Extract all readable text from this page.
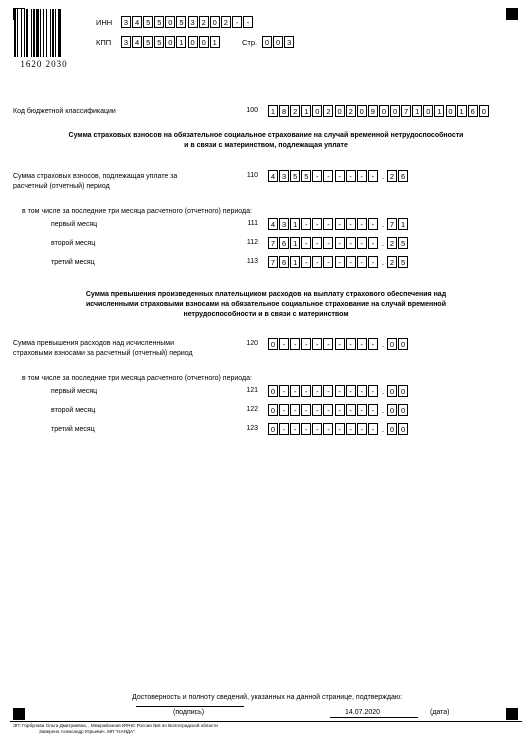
1620 2030
ИНН	3 4 5 5 0 5 3 2 0 2	-	-
КПП	3 4 5 5 0 1 0 0 1	Стр.	0 0 3
Код бюджетной классификации	100	1 8 2 1 0 2 0 2 0 9 0 0 7 1 0 1 0 1 6 0
Сумма страховых взносов на обязательное социальное страхование на случай временной нетрудоспособности
и в связи с материнством, подлежащая уплате
Сумма страховых взносов, подлежащая уплате за
расчетный (отчетный) период
110	4 3 5 5	-	-	-	-	-	- . 2 6
в том числе за последние три месяца расчетного (отчетного) периода:
первый месяц	111	4 3 1	-	-	-	-	-	-	- . 7 1
второй месяц	112	7 6 1	-	-	-	-	-	-	- . 2 5
третий месяц	113	7 6 1	-	-	-	-	-	-	- . 2 5
Сумма превышения произведенных плательщиком расходов на выплату страхового обеспечения над
исчисленными страховыми взносами на обязательное социальное страхование на случай временной
нетрудоспособности и в связи с материнством
Сумма превышения расходов над исчисленными
страховыми взносами за расчетный (отчетный) период
120	0	-	-	-	-	-	-	-	-	- . 0 0
в том числе за последние три месяца расчетного (отчетного) периода:
первый месяц	121	0	-	-	-	-	-	-	-	-	- . 0 0
второй месяц	122	0	-	-	-	-	-	-	-	-	- . 0 0
третий месяц	123	0	-	-	-	-	-	-	-	-	- . 0 0
Достоверность и полноту сведений, указанных на данной странице, подтверждаю:
(подпись)	14.07.2020	(дата)
ЭП: Горбунова Ольга Дмитриевна, , Межрайонная ИФНС России №5 по Волгоградской области
Заверено Александр Юрьевич, МП "НАЯДА"
